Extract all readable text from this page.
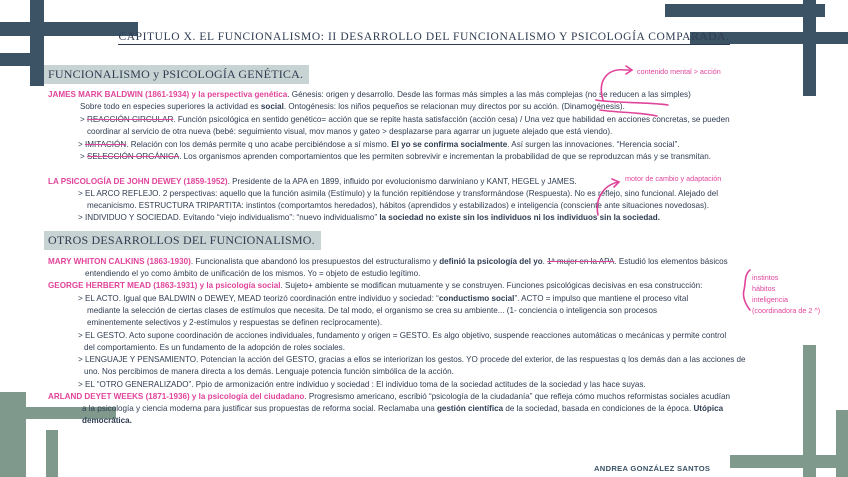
CAPITULO X. EL FUNCIONALISMO: II DESARROLLO DEL FUNCIONALISMO Y PSICOLOGÍA COMPARADA.
FUNCIONALISMO y PSICOLOGÍA GENÉTICA.
JAMES MARK BALDWIN (1861-1934) y la perspectiva genética. Génesis: origen y desarrollo. Desde las formas más simples a las más complejas (no se reducen a las simples)
Sobre todo en especies superiores la actividad es social. Ontogénesis: los niños pequeños se relacionan muy directos por su acción. (Dinamogénesis).
> REACCIÓN CIRCULAR. Función psicológica en sentido genético= acción que se repite hasta satisfacción (acción cesa) / Una vez que habilidad en acciones concretas, se pueden
coordinar al servicio de otra nueva (bebé: seguimiento visual, mov manos y gateo > desplazarse para agarrar un juguete alejado que está viendo).
> IMITACIÓN. Relación con los demás permite q uno acabe percibiéndose a sí mismo. El yo se confirma socialmente. Así surgen las innovaciones. “Herencia social”.
> SELECCIÓN ORGÁNICA. Los organismos aprenden comportamientos que les permiten sobrevivir e incrementan la probabilidad de que se reproduzcan más y se transmitan.
LA PSICOLOGÍA DE JOHN DEWEY (1859-1952). Presidente de la APA en 1899, influido por evolucionismo darwiniano y KANT, HEGEL y JAMES.
> EL ARCO REFLEJO. 2 perspectivas: aquello que la función asimila (Estímulo) y la función repitiéndose y transformándose (Respuesta). No es reflejo, sino funcional. Alejado del
mecanicismo. ESTRUCTURA TRIPARTITA: instintos (comportamtos heredados), hábitos (aprendidos y estabilizados) e inteligencia (consciente ante situaciones novedosas).
> INDIVIDUO Y SOCIEDAD. Evitando “viejo individualismo”: “nuevo individualismo” la sociedad no existe sin los individuos ni los individuos sin la sociedad.
OTROS DESARROLLOS DEL FUNCIONALISMO.
MARY WHITON CALKINS (1863-1930). Funcionalista que abandonó los presupuestos del estructuralismo y definió la psicología del yo. 1ª mujer en la APA. Estudió los elementos básicos
entendiendo el yo como ámbito de unificación de los mismos. Yo = objeto de estudio legítimo.
GEORGE HERBERT MEAD (1863-1931) y la psicología social. Sujeto+ ambiente se modifican mutuamente y se construyen. Funciones psicológicas decisivas en esa construcción:
> EL ACTO. Igual que BALDWIN o DEWEY, MEAD teorizó coordinación entre individuo y sociedad: “conductismo social”. ACTO = impulso que mantiene el proceso vital
mediante la selección de ciertas clases de estímulos que necesita. De tal modo, el organismo se crea su ambiente... (1- conciencia o inteligencia son procesos
eminentemente selectivos y 2-estímulos y respuestas se definen recíprocamente).
> EL GESTO. Acto supone coordinación de acciones individuales, fundamento y origen = GESTO. Es algo objetivo, suspende reacciones automáticas o mecánicas y permite control
del comportamiento. Es un fundamento de la adopción de roles sociales.
> LENGUAJE Y PENSAMIENTO. Potencian la acción del GESTO, gracias a ellos se interiorizan los gestos. YO procede del exterior, de las respuestas q los demás dan a las acciones de
uno. Nos percibimos de manera directa a los demás. Lenguaje potencia función simbólica de la acción.
> EL “OTRO GENERALIZADO”. Ppio de armonización entre individuo y sociedad : El individuo toma de la sociedad actitudes de la sociedad y las hace suyas.
ARLAND DEYET WEEKS (1871-1936) y la psicología del ciudadano. Progresismo americano, escribió “psicología de la ciudadanía” que refleja cómo muchos reformistas sociales acudían
a la psicología y ciencia moderna para justificar sus propuestas de reforma social. Reclamaba una gestión científica de la sociedad, basada en condiciones de la época. Utópica
democrática.
contenido mental > acción
motor de cambio y adaptación
instintos
hábitos
inteligencia
(coordinadora de 2 ^)
ANDREA GONZÁLEZ SANTOS
